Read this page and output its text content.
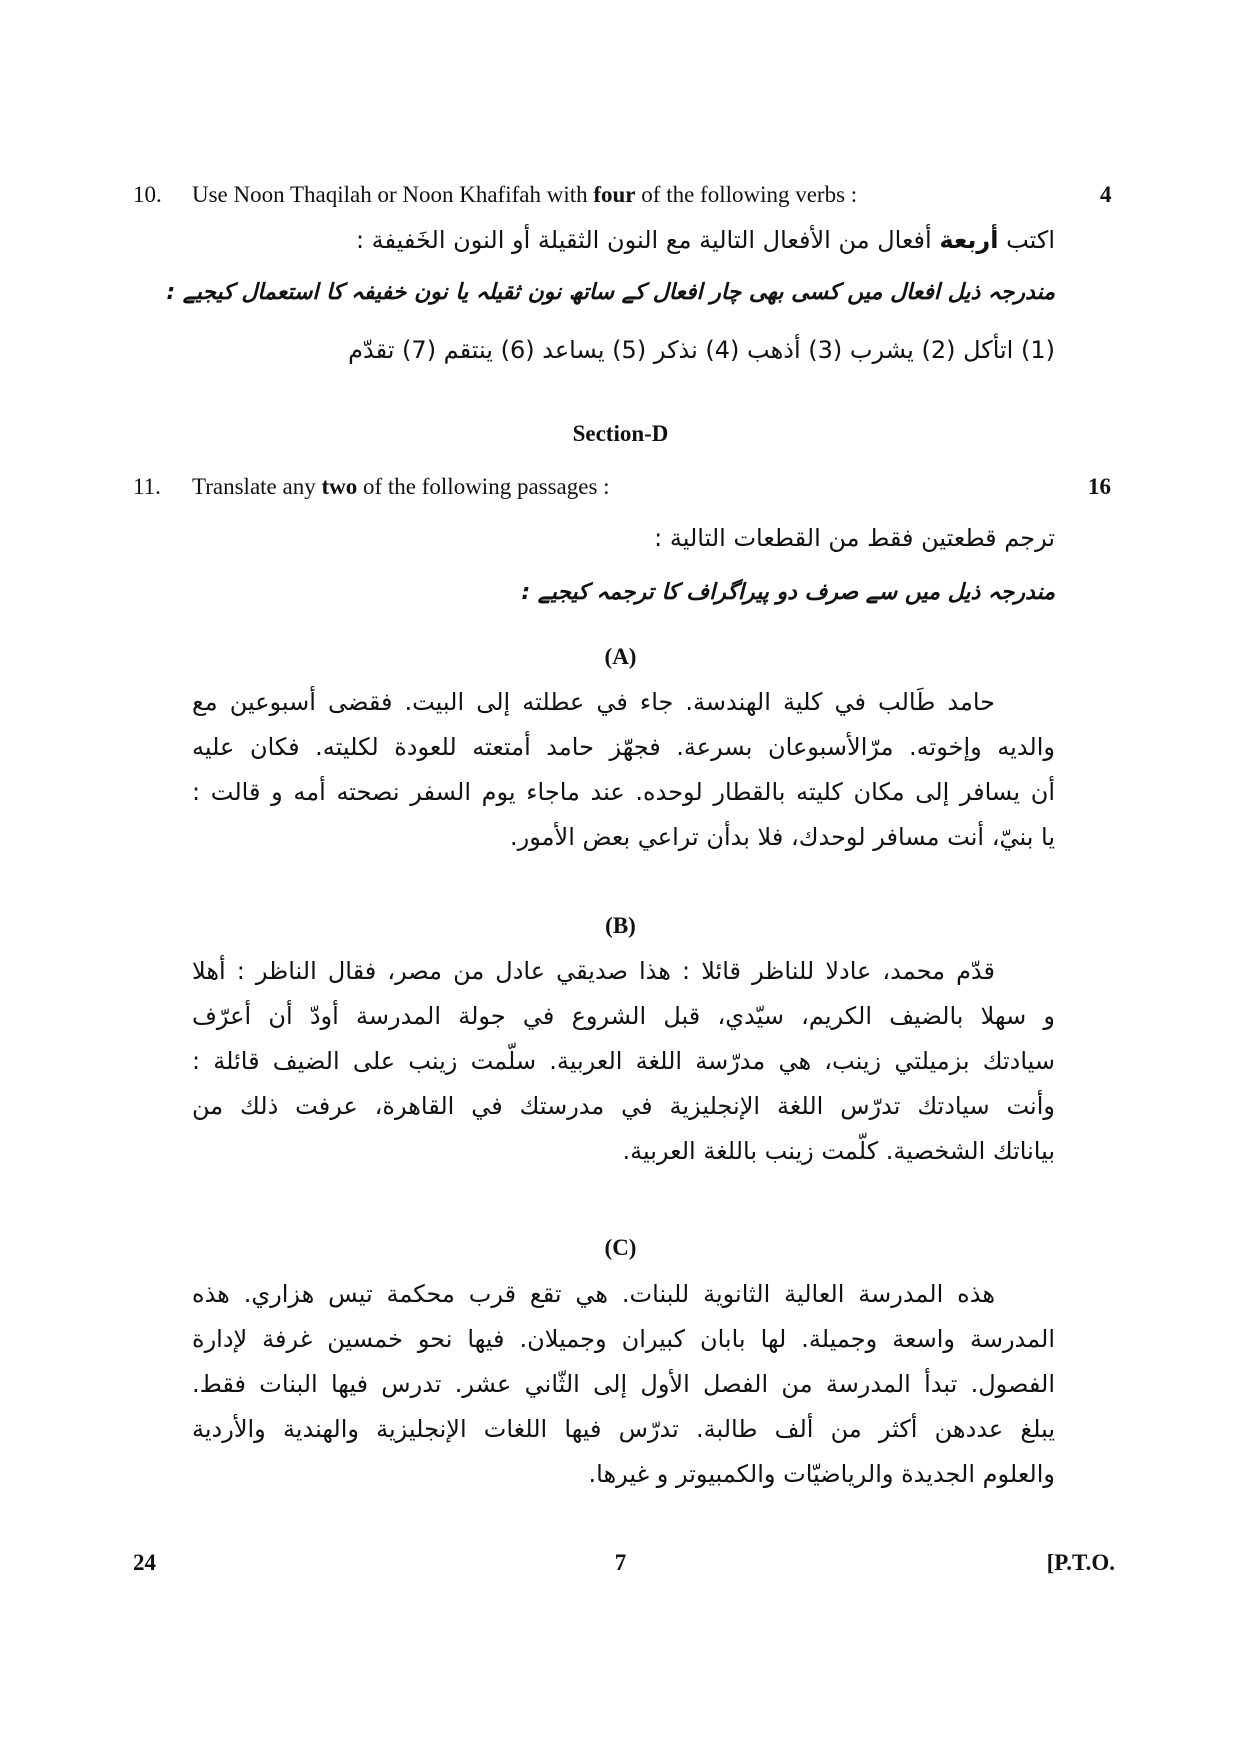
10. Use Noon Thaqilah or Noon Khafifah with four of the following verbs :	4
اكتب أربعة أفعال من الأفعال التالية مع النون الثقيلة أو النون الخَفيفة :
مندرجہ ذیل افعال میں کسی بھی چار افعال کے ساتھ نون ثقیلہ یا نون خفیفہ کا استعمال کیجیے :
(1) اتأكل (2) يشرب (3) أذهب (4) نذكر (5) يساعد (6) ينتقم (7) تقدّم
Section-D
11. Translate any two of the following passages :	16
ترجم قطعتين فقط من القطعات التالية :
مندرجہ ذیل میں سے صرف دو پیراگراف کا ترجمہ کیجیے :
(A)
حامد طَالب في كلية الهندسة. جاء في عطلته إلى البيت. فقضى أسبوعين مع
والديه وإخوته. مرّالأسبوعان بسرعة. فجهّز حامد أمتعته للعودة لكليته. فكان عليه
أن يسافر إلى مكان كليته بالقطار لوحده. عند ماجاء يوم السفر نصحته أمه و قالت :
يا بنيّ، أنت مسافر لوحدك، فلا بدأن تراعي بعض الأمور.
(B)
قدّم محمد، عادلا للناظر قائلا : هذا صديقي عادل من مصر، فقال الناظر : أهلا
و سهلا بالضيف الكريم، سيّدي، قبل الشروع في جولة المدرسة أودّ أن أعرّف
سيادتك بزميلتي زينب، هي مدرّسة اللغة العربية. سلّمت زينب على الضيف قائلة :
وأنت سيادتك تدرّس اللغة الإنجليزية في مدرستك في القاهرة، عرفت ذلك من
بياناتك الشخصية. كلّمت زينب باللغة العربية.
(C)
هذه المدرسة العالية الثانوية للبنات. هي تقع قرب محكمة تيس هزاري. هذه
المدرسة واسعة وجميلة. لها بابان كبيران وجميلان. فيها نحو خمسين غرفة لإدارة
الفصول. تبدأ المدرسة من الفصل الأول إلى الثّاني عشر. تدرس فيها البنات فقط.
يبلغ عددهن أكثر من ألف طالبة. تدرّس فيها اللغات الإنجليزية والهندية والأردية
والعلوم الجديدة والرياضيّات والكمبيوتر و غيرها.
24	7	[P.T.O.
